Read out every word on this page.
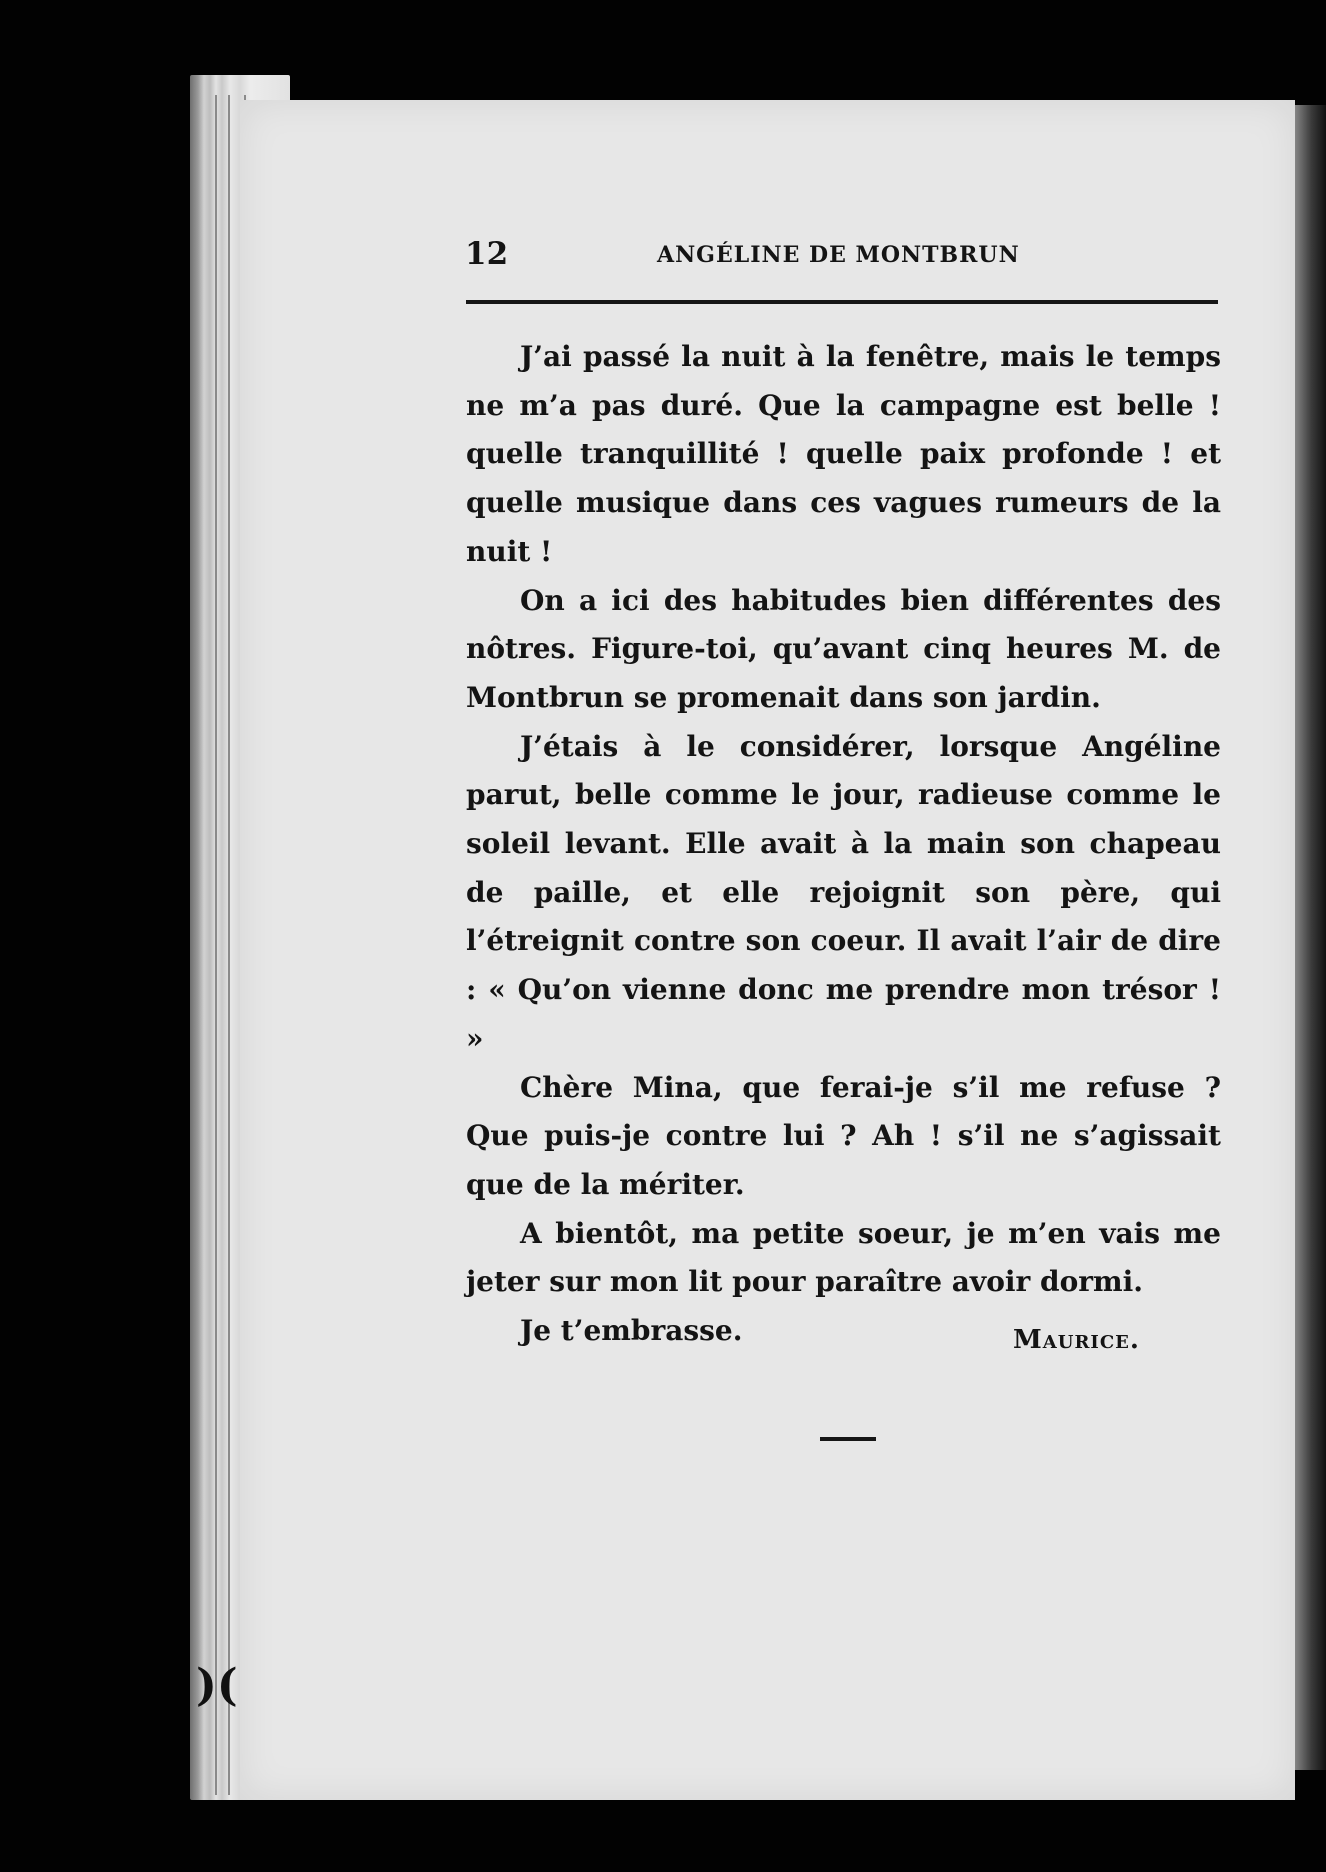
12	ANGÉLINE DE MONTBRUN

J’ai passé la nuit à la fenêtre, mais le temps ne m’a pas duré. Que la campagne est belle ! quelle tranquillité ! quelle paix profonde ! et quelle musique dans ces vagues rumeurs de la nuit !

On a ici des habitudes bien différentes des nôtres. Figure-toi, qu’avant cinq heures M. de Montbrun se promenait dans son jardin.

J’étais à le considérer, lorsque Angéline parut, belle comme le jour, radieuse comme le soleil levant. Elle avait à la main son chapeau de paille, et elle rejoignit son père, qui l’étreignit contre son coeur. Il avait l’air de dire : « Qu’on vienne donc me prendre mon trésor ! »

Chère Mina, que ferai-je s’il me refuse ? Que puis-je contre lui ? Ah ! s’il ne s’agissait que de la mériter.

A bientôt, ma petite soeur, je m’en vais me jeter sur mon lit pour paraître avoir dormi.

Je t’embrasse.	Maurice.
)(
